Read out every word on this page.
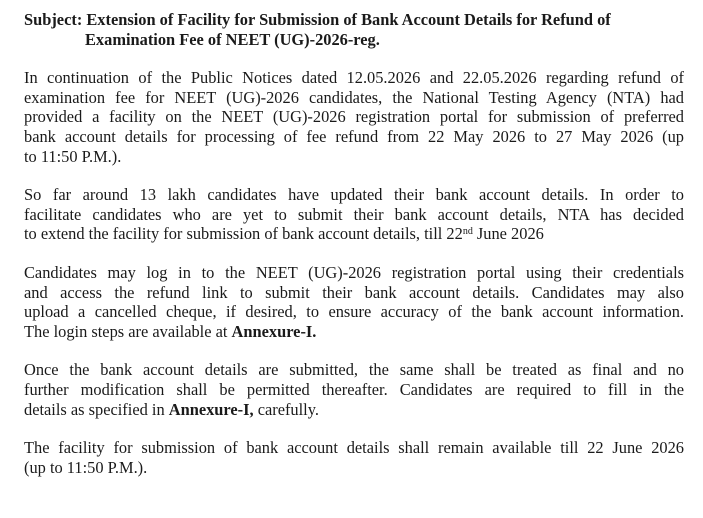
Subject: Extension of Facility for Submission of Bank Account Details for Refund of
Examination Fee of NEET (UG)-2026-reg.
In continuation of the Public Notices dated 12.05.2026 and 22.05.2026 regarding refund of
examination fee for NEET (UG)-2026 candidates, the National Testing Agency (NTA) had
provided a facility on the NEET (UG)-2026 registration portal for submission of preferred
bank account details for processing of fee refund from 22 May 2026 to 27 May 2026 (up
to 11:50 P.M.).
So far around 13 lakh candidates have updated their bank account details. In order to
facilitate candidates who are yet to submit their bank account details, NTA has decided
to extend the facility for submission of bank account details, till 22nd June 2026
Candidates may log in to the NEET (UG)-2026 registration portal using their credentials
and access the refund link to submit their bank account details. Candidates may also
upload a cancelled cheque, if desired, to ensure accuracy of the bank account information.
The login steps are available at Annexure-I.
Once the bank account details are submitted, the same shall be treated as final and no
further modification shall be permitted thereafter. Candidates are required to fill in the
details as specified in Annexure-I, carefully.
The facility for submission of bank account details shall remain available till 22 June 2026
(up to 11:50 P.M.).
